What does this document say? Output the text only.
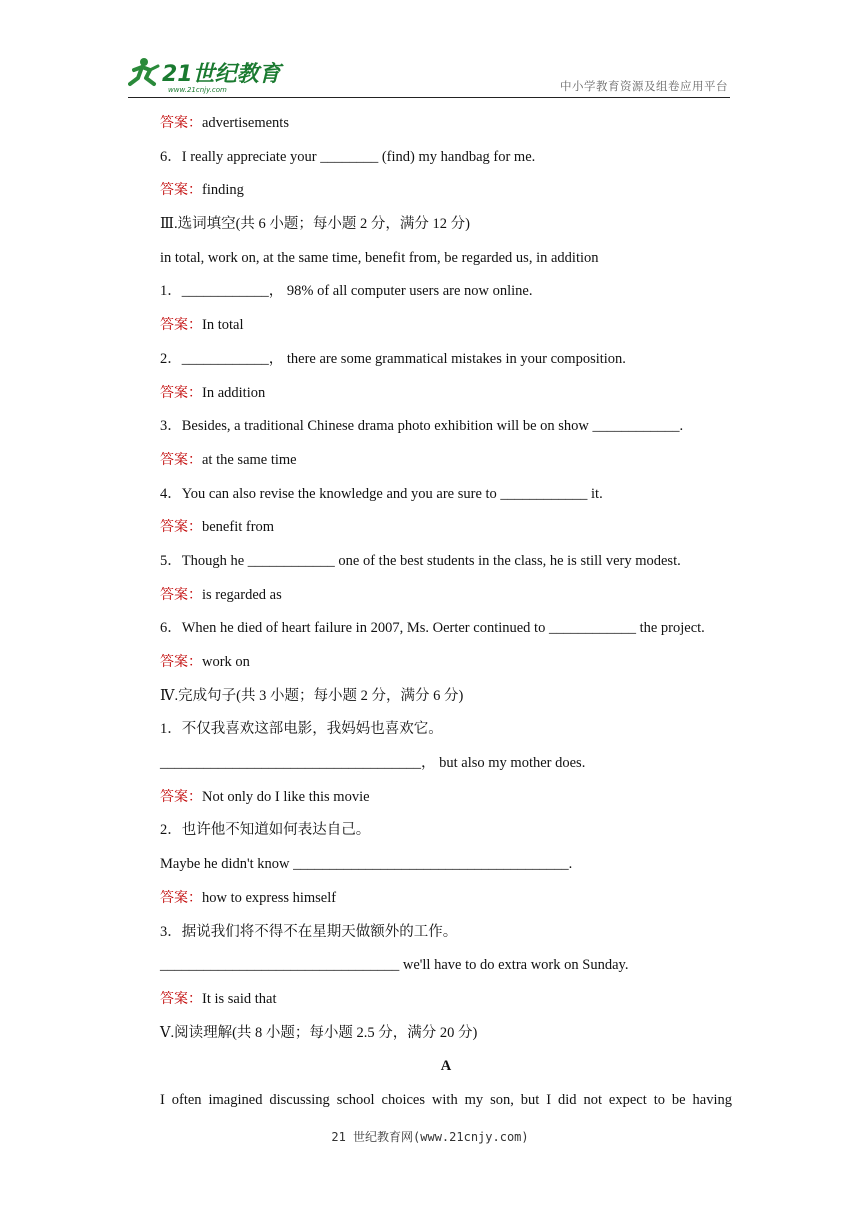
21世纪教育
www.21cnjy.com	中小学教育资源及组卷应用平台
答案：advertisements
6．I really appreciate your ________ (find) my handbag for me.
答案：finding
Ⅲ.选词填空(共 6 小题；每小题 2 分，满分 12 分)
in total, work on, at the same time, benefit from, be regarded us, in addition
1．____________， 98% of all computer users are now online.
答案：In total
2．____________， there are some grammatical mistakes in your composition.
答案：In addition
3．Besides, a traditional Chinese drama photo exhibition will be on show ____________.
答案：at the same time
4．You can also revise the knowledge and you are sure to ____________ it.
答案：benefit from
5．Though he ____________ one of the best students in the class, he is still very modest.
答案：is regarded as
6．When he died of heart failure in 2007, Ms. Oerter continued to ____________ the project.
答案：work on
Ⅳ.完成句子(共 3 小题；每小题 2 分，满分 6 分)
1．不仅我喜欢这部电影，我妈妈也喜欢它。
____________________________________， but also my mother does.
答案：Not only do I like this movie
2．也许他不知道如何表达自己。
Maybe he didn't know ______________________________________.
答案：how to express himself
3．据说我们将不得不在星期天做额外的工作。
_________________________________ we'll have to do extra work on Sunday.
答案：It is said that
Ⅴ.阅读理解(共 8 小题；每小题 2.5 分，满分 20 分)
A
I often imagined discussing school choices with my son, but I did not expect to be having
21 世纪教育网(www.21cnjy.com)
